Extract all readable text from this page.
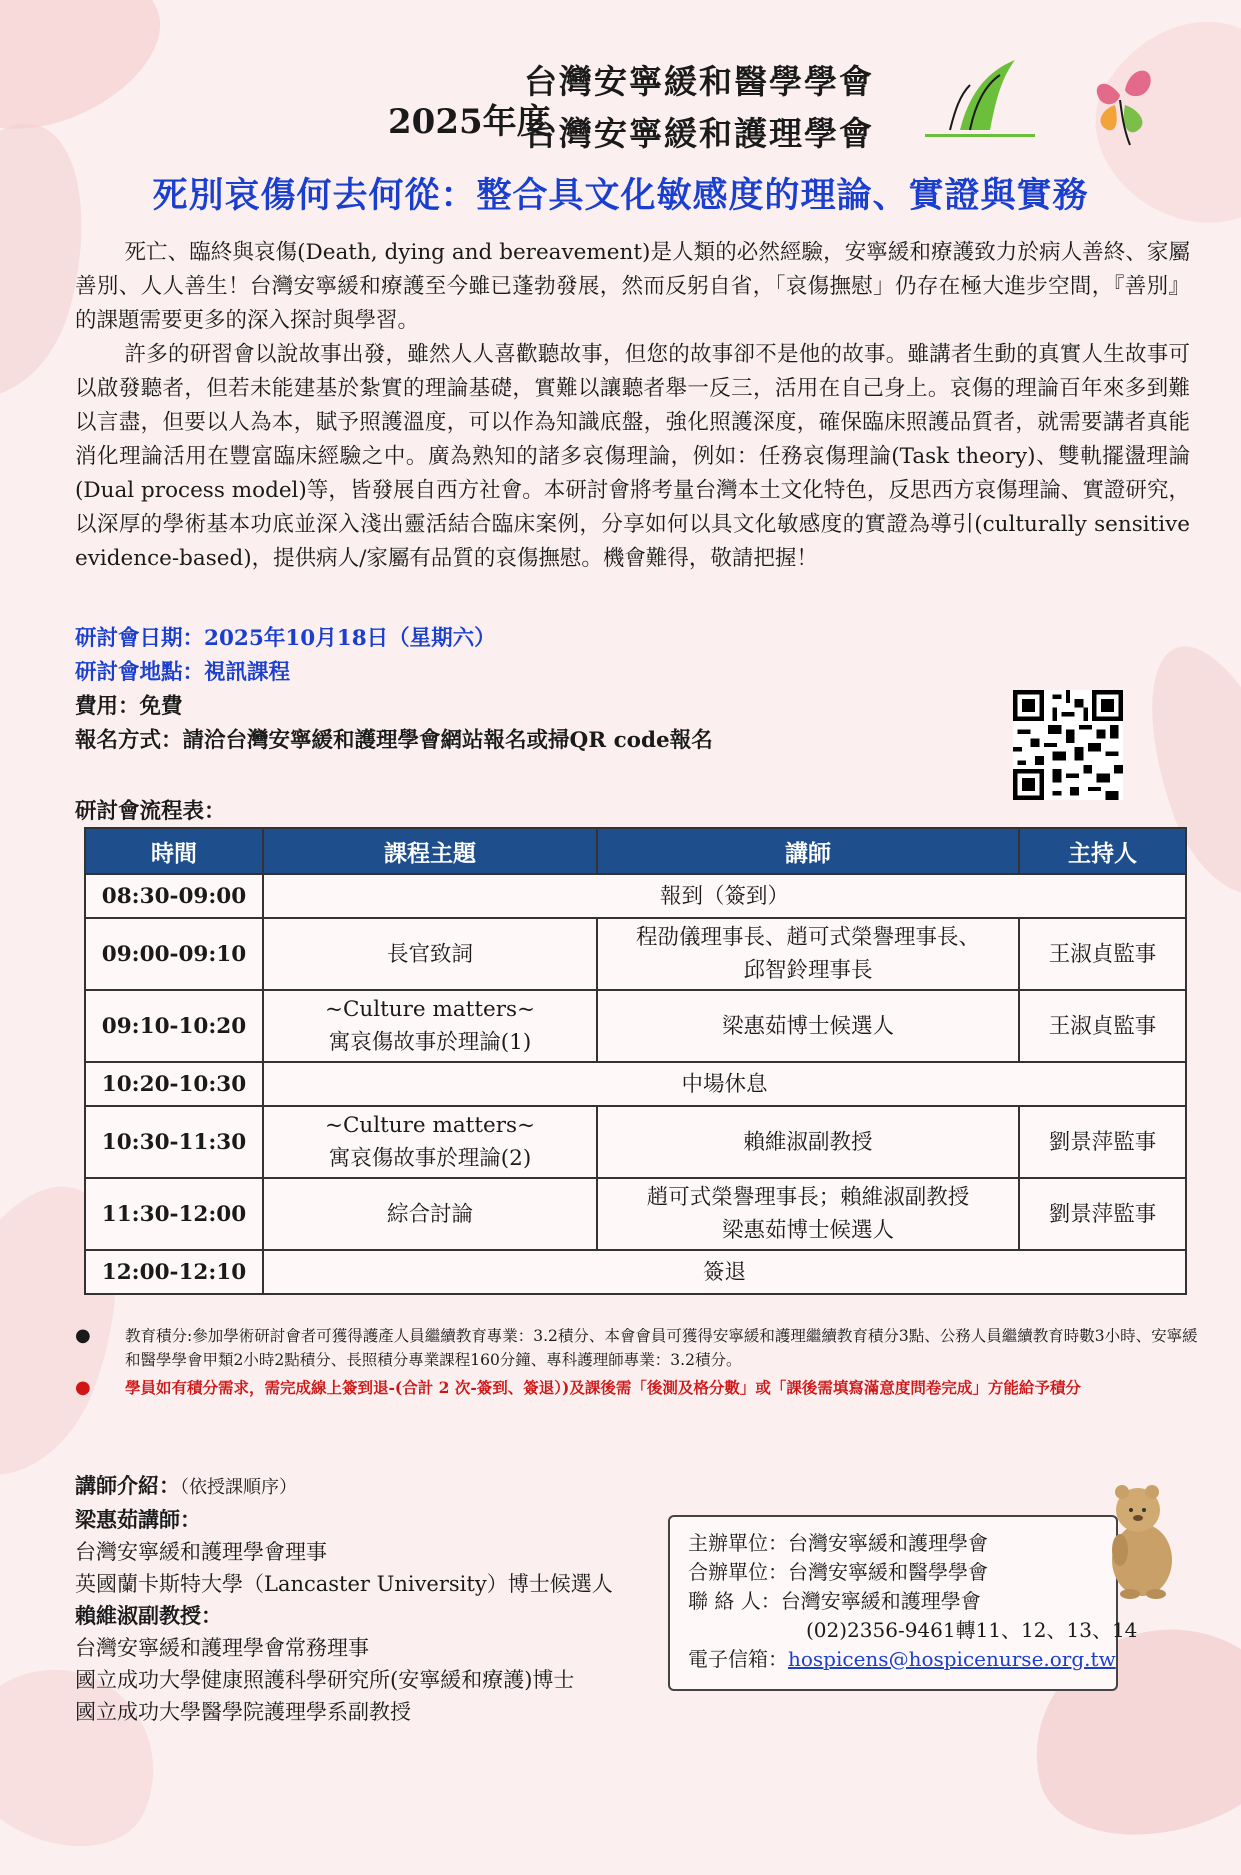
2025年度
台灣安寧緩和醫學學會
台灣安寧緩和護理學會
死別哀傷何去何從：整合具文化敏感度的理論、實證與實務

死亡、臨終與哀傷(Death, dying and bereavement)是人類的必然經驗，安寧緩和療護致力於病人善終、家屬善別、人人善生！台灣安寧緩和療護至今雖已蓬勃發展，然而反躬自省，「哀傷撫慰」仍存在極大進步空間，『善別』的課題需要更多的深入探討與學習。

許多的研習會以說故事出發，雖然人人喜歡聽故事，但您的故事卻不是他的故事。雖講者生動的真實人生故事可以啟發聽者，但若未能建基於紮實的理論基礎，實難以讓聽者舉一反三，活用在自己身上。哀傷的理論百年來多到難以言盡，但要以人為本，賦予照護溫度，可以作為知識底盤，強化照護深度，確保臨床照護品質者，就需要講者真能消化理論活用在豐富臨床經驗之中。廣為熟知的諸多哀傷理論，例如：任務哀傷理論(Task theory)、雙軌擺盪理論(Dual process model)等，皆發展自西方社會。本研討會將考量台灣本土文化特色，反思西方哀傷理論、實證研究，以深厚的學術基本功底並深入淺出靈活結合臨床案例，分享如何以具文化敏感度的實證為導引(culturally sensitive evidence-based)，提供病人/家屬有品質的哀傷撫慰。機會難得，敬請把握！

研討會日期：2025年10月18日（星期六）
研討會地點：視訊課程
費用：免費
報名方式：請洽台灣安寧緩和護理學會網站報名或掃QR code報名
研討會流程表：
時間	課程主題	講師	主持人
08:30-09:00	報到（簽到）		
09:00-09:10	長官致詞	程劭儀理事長、趙可式榮譽理事長、
邱智鈴理事長	王淑貞監事
09:10-10:20	~Culture matters~
寓哀傷故事於理論(1)	梁惠茹博士候選人	王淑貞監事
10:20-10:30	中場休息		
10:30-11:30	~Culture matters~
寓哀傷故事於理論(2)	賴維淑副教授	劉景萍監事
11:30-12:00	綜合討論	趙可式榮譽理事長；賴維淑副教授
梁惠茹博士候選人	劉景萍監事
12:00-12:10	簽退		
● 教育積分:參加學術研討會者可獲得護產人員繼續教育專業：3.2積分、本會會員可獲得安寧緩和護理繼續教育積分3點、公務人員繼續教育時數3小時、安寧緩和醫學學會甲類2小時2點積分、長照積分專業課程160分鐘、專科護理師專業：3.2積分。
● 學員如有積分需求，需完成線上簽到退-(合計 2 次-簽到、簽退）)及課後需「後測及格分數」或「課後需填寫滿意度問卷完成」方能給予積分
講師介紹：（依授課順序）
梁惠茹講師：
台灣安寧緩和護理學會理事
英國蘭卡斯特大學（Lancaster University）博士候選人
賴維淑副教授：
台灣安寧緩和護理學會常務理事
國立成功大學健康照護科學研究所(安寧緩和療護)博士
國立成功大學醫學院護理學系副教授
主辦單位：台灣安寧緩和護理學會
合辦單位：台灣安寧緩和醫學學會
聯 絡 人：台灣安寧緩和護理學會
(02)2356-9461轉11、12、13、14
電子信箱：hospicens@hospicenurse.org.tw
